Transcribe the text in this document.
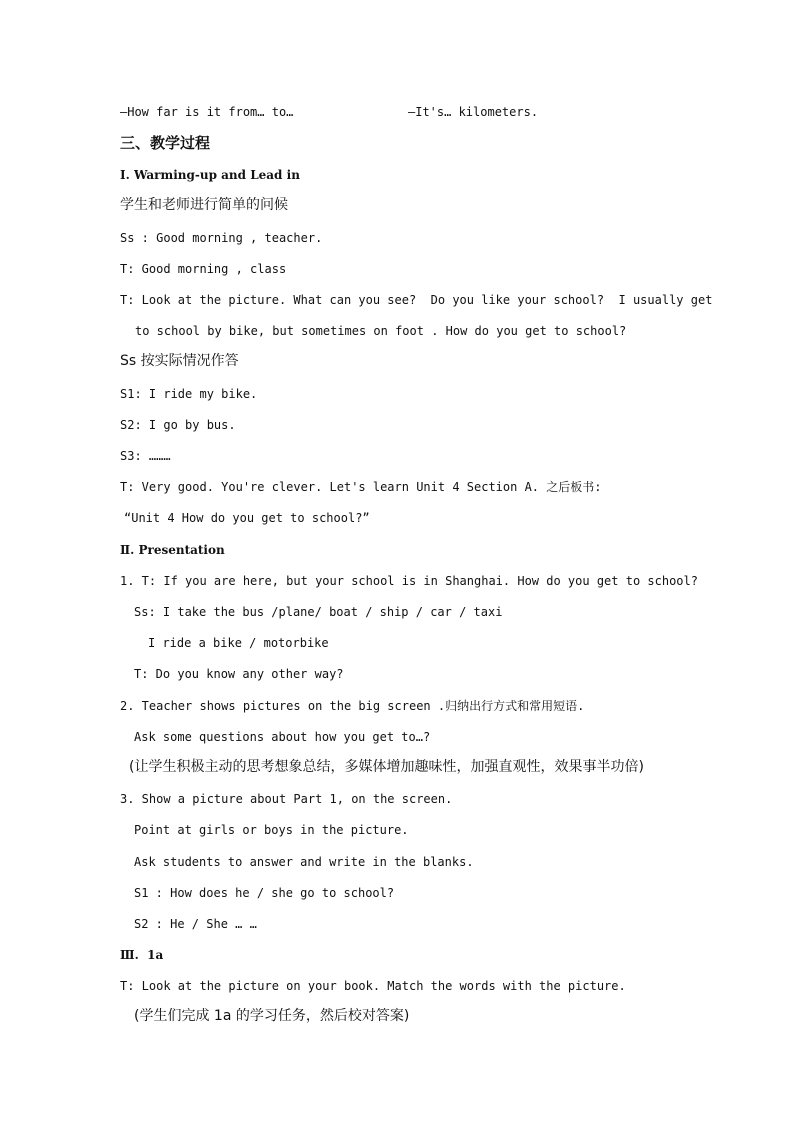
—How far is it from… to…	—It's… kilometers.
三、教学过程
Ⅰ. Warming-up and Lead in
学生和老师进行简单的问候
Ss : Good morning , teacher.
T: Good morning , class
T: Look at the picture. What can you see?  Do you like your school?  I usually get
to school by bike, but sometimes on foot . How do you get to school?
Ss 按实际情况作答
S1: I ride my bike.
S2: I go by bus.
S3: ………
T: Very good. You're clever. Let's learn Unit 4 Section A. 之后板书:
“Unit 4 How do you get to school?”
Ⅱ. Presentation
1. T: If you are here, but your school is in Shanghai. How do you get to school?
Ss: I take the bus /plane/ boat / ship / car / taxi
I ride a bike / motorbike
T: Do you know any other way?
2. Teacher shows pictures on the big screen .归纳出行方式和常用短语.
Ask some questions about how you get to…?
(让学生积极主动的思考想象总结，多媒体增加趣味性，加强直观性，效果事半功倍)
3. Show a picture about Part 1, on the screen.
Point at girls or boys in the picture.
Ask students to answer and write in the blanks.
S1 : How does he / she go to school?
S2 : He / She … …
Ⅲ.  1a
T: Look at the picture on your book. Match the words with the picture.
(学生们完成 1a 的学习任务，然后校对答案)
